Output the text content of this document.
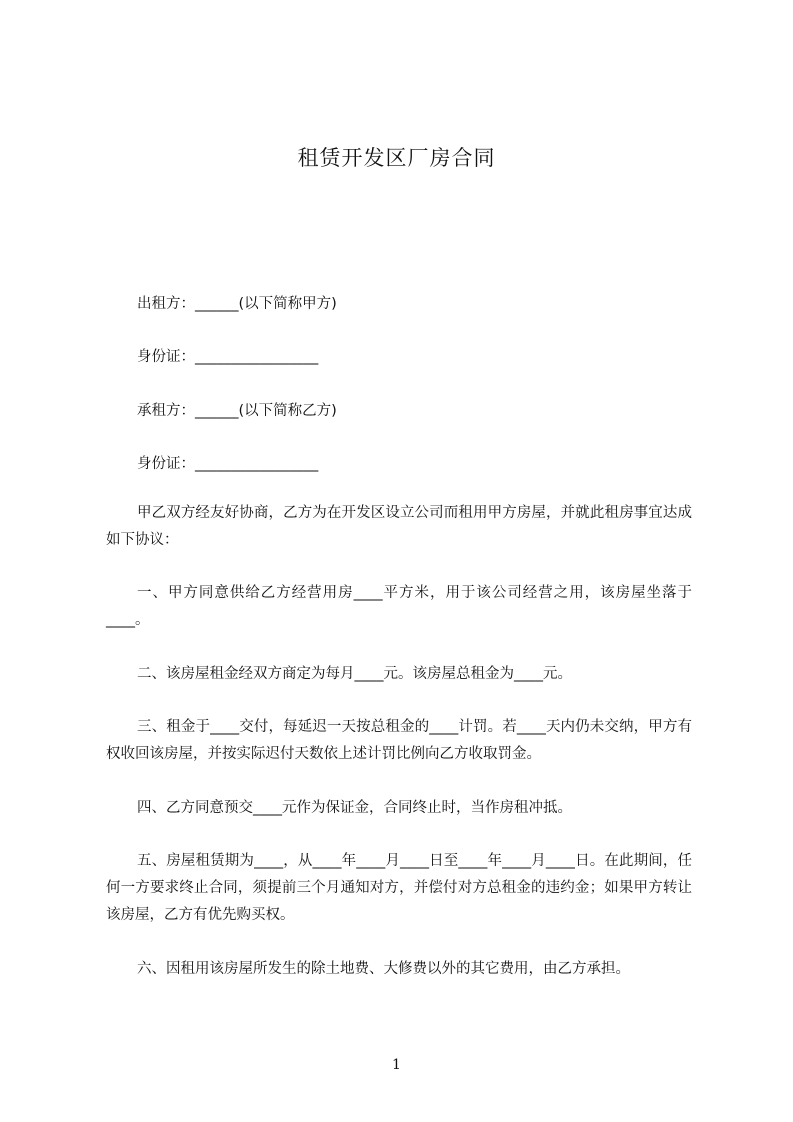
租赁开发区厂房合同

出租方：______(以下简称甲方)

身份证：_________________

承租方：______(以下简称乙方)

身份证：_________________

甲乙双方经友好协商，乙方为在开发区设立公司而租用甲方房屋，并就此租房事宜达成如下协议：

一、甲方同意供给乙方经营用房____平方米，用于该公司经营之用，该房屋坐落于____。

二、该房屋租金经双方商定为每月____元。该房屋总租金为____元。

三、租金于____交付，每延迟一天按总租金的____计罚。若____天内仍未交纳，甲方有权收回该房屋，并按实际迟付天数依上述计罚比例向乙方收取罚金。

四、乙方同意预交____元作为保证金，合同终止时，当作房租冲抵。

五、房屋租赁期为____，从____年____月____日至____年____月____日。在此期间，任何一方要求终止合同，须提前三个月通知对方，并偿付对方总租金的违约金；如果甲方转让该房屋，乙方有优先购买权。

六、因租用该房屋所发生的除土地费、大修费以外的其它费用，由乙方承担。

1
